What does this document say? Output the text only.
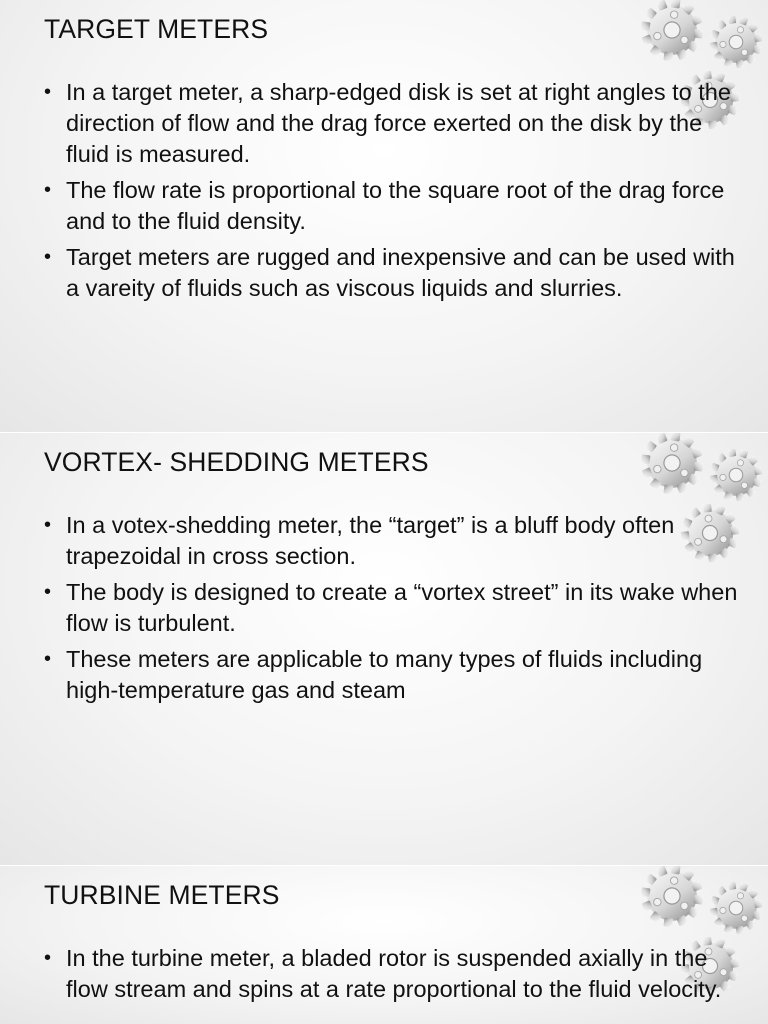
TARGET METERS
• In a target meter, a sharp-edged disk is set at right angles to the direction of flow and the drag force exerted on the disk by the fluid is measured.
• The flow rate is proportional to the square root of the drag force and to the fluid density.
• Target meters are rugged and inexpensive and can be used with a vareity of fluids such as viscous liquids and slurries.
VORTEX- SHEDDING METERS
• In a votex-shedding meter, the “target” is a bluff body often trapezoidal in cross section.
• The body is designed to create a “vortex street” in its wake when flow is turbulent.
• These meters are applicable to many types of fluids including high-temperature gas and steam
TURBINE METERS
• In the turbine meter, a bladed rotor is suspended axially in the flow stream and spins at a rate proportional to the fluid velocity.
